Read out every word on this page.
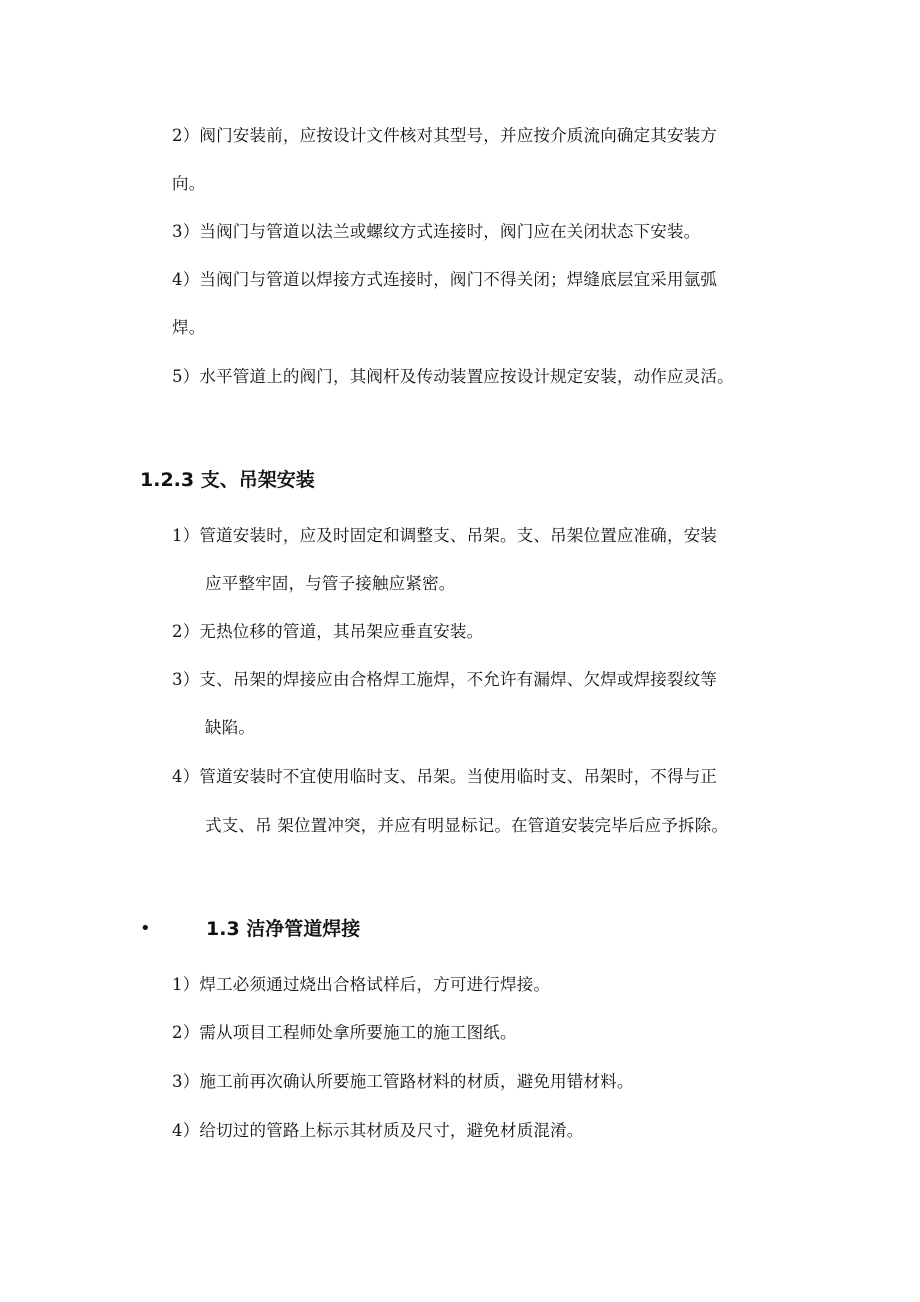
2）阀门安装前，应按设计文件核对其型号，并应按介质流向确定其安装方
向。
3）当阀门与管道以法兰或螺纹方式连接时，阀门应在关闭状态下安装。
4）当阀门与管道以焊接方式连接时，阀门不得关闭；焊缝底层宜采用氩弧
焊。
5）水平管道上的阀门，其阀杆及传动装置应按设计规定安装，动作应灵活。
1.2.3 支、吊架安装
1）管道安装时，应及时固定和调整支、吊架。支、吊架位置应准确，安装
应平整牢固，与管子接触应紧密。
2）无热位移的管道，其吊架应垂直安装。
3）支、吊架的焊接应由合格焊工施焊，不允许有漏焊、欠焊或焊接裂纹等
缺陷。
4）管道安装时不宜使用临时支、吊架。当使用临时支、吊架时，不得与正
式支、吊 架位置冲突，并应有明显标记。在管道安装完毕后应予拆除。
•	1.3 洁净管道焊接
1）焊工必须通过烧出合格试样后，方可进行焊接。
2）需从项目工程师处拿所要施工的施工图纸。
3）施工前再次确认所要施工管路材料的材质，避免用错材料。
4）给切过的管路上标示其材质及尺寸，避免材质混淆。
